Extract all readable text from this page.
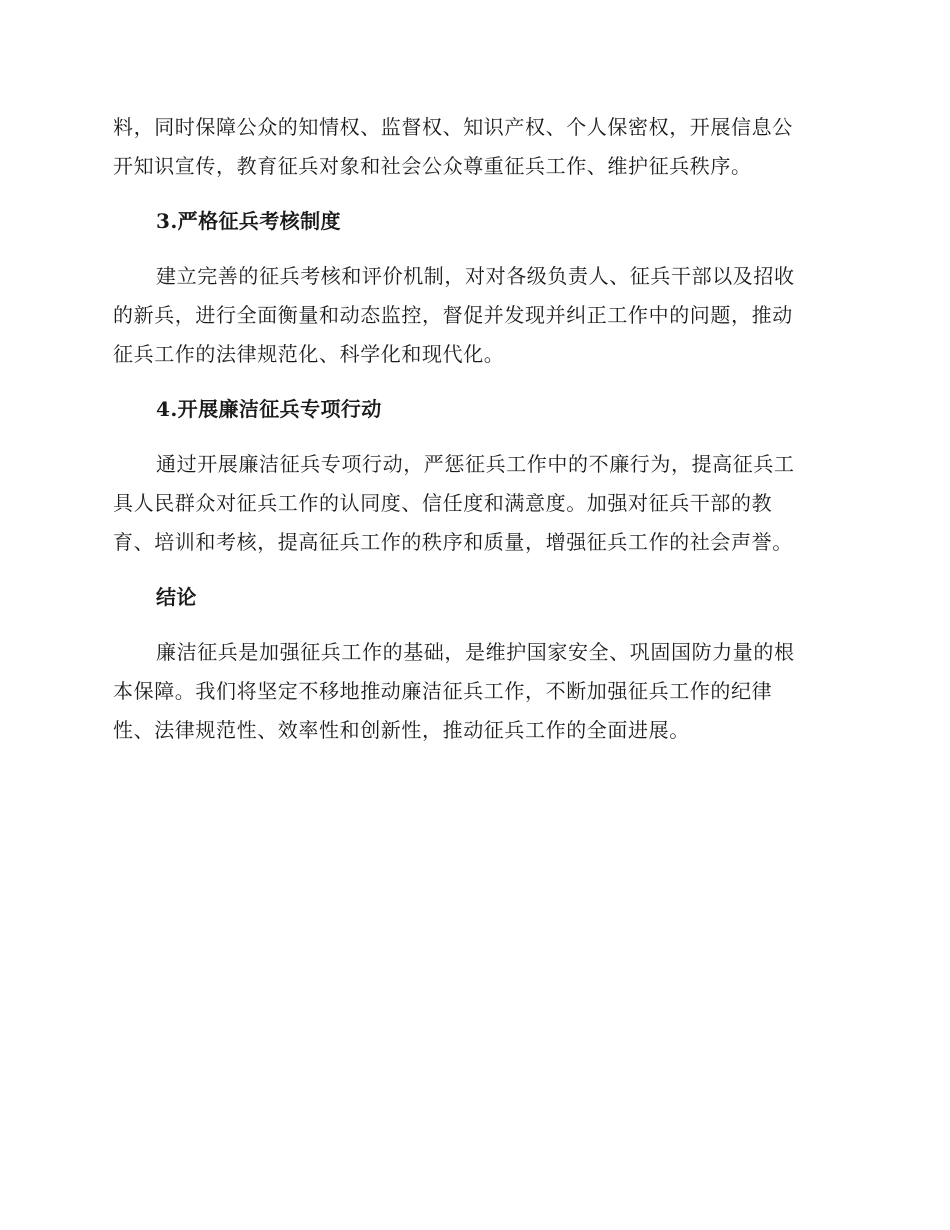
料，同时保障公众的知情权、监督权、知识产权、个人保密权，开展信息公
开知识宣传，教育征兵对象和社会公众尊重征兵工作、维护征兵秩序。

3.严格征兵考核制度

建立完善的征兵考核和评价机制，对对各级负责人、征兵干部以及招收
的新兵，进行全面衡量和动态监控，督促并发现并纠正工作中的问题，推动
征兵工作的法律规范化、科学化和现代化。

4.开展廉洁征兵专项行动

通过开展廉洁征兵专项行动，严惩征兵工作中的不廉行为，提高征兵工
具人民群众对征兵工作的认同度、信任度和满意度。加强对征兵干部的教
育、培训和考核，提高征兵工作的秩序和质量，增强征兵工作的社会声誉。

结论

廉洁征兵是加强征兵工作的基础，是维护国家安全、巩固国防力量的根
本保障。我们将坚定不移地推动廉洁征兵工作，不断加强征兵工作的纪律
性、法律规范性、效率性和创新性，推动征兵工作的全面进展。
